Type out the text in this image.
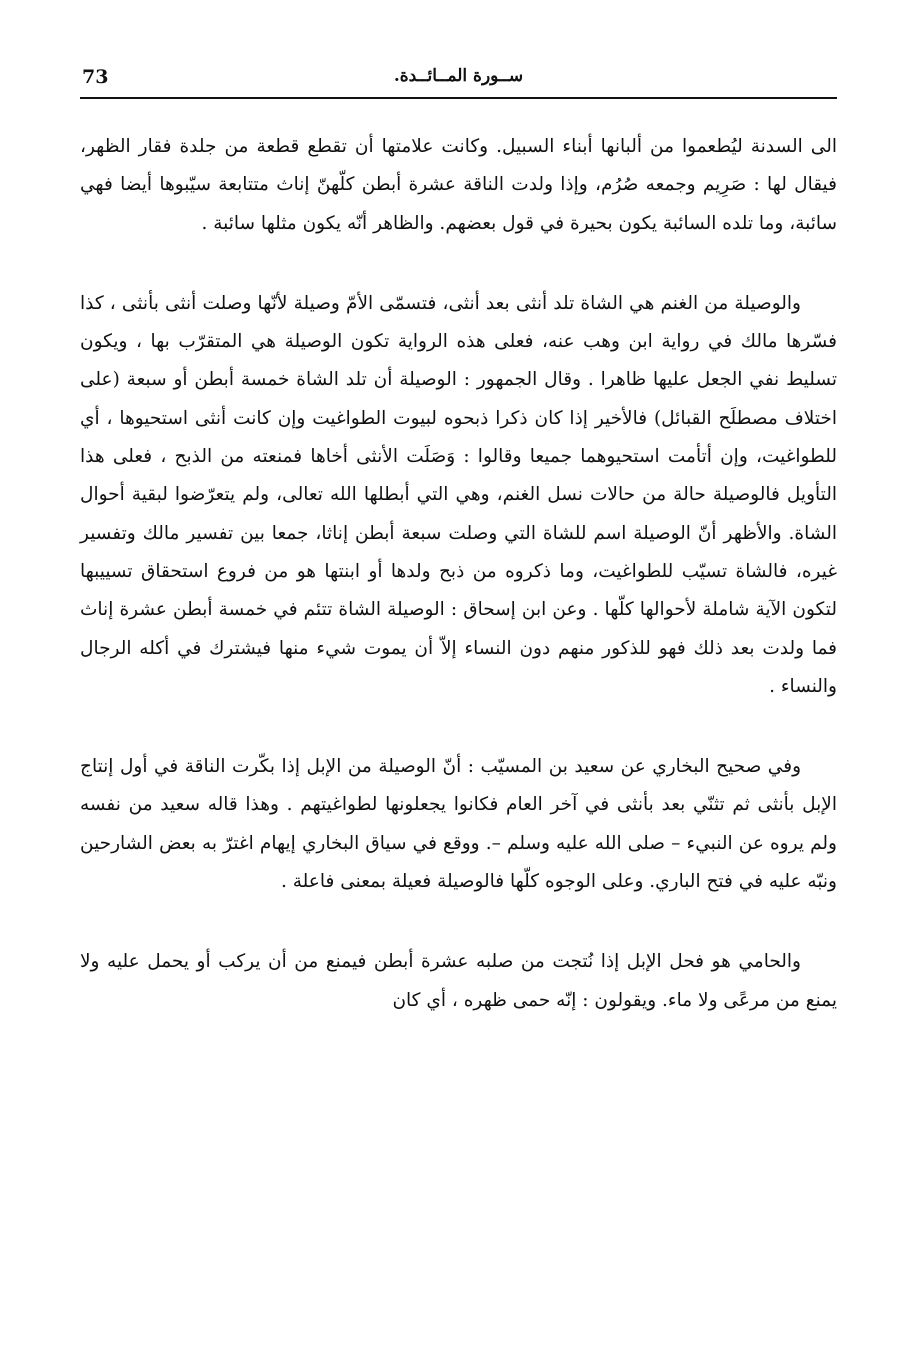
73	ســورة المــائــدة.

الى السدنة ليُطعموا من ألبانها أبناء السبيل. وكانت علامتها أن تقطع قطعة من جلدة فقار الظهر، فيقال لها : صَرِيم وجمعه صُرُم، وإذا ولدت الناقة عشرة أبطن كلّهنّ إناث متتابعة سيّبوها أيضا فهي سائبة، وما تلده السائبة يكون بحيرة في قول بعضهم. والظاهر أنّه يكون مثلها سائبة .

والوصيلة من الغنم هي الشاة تلد أنثى بعد أنثى، فتسمّى الأمّ وصيلة لأنّها وصلت أنثى بأنثى ، كذا فسّرها مالك في رواية ابن وهب عنه، فعلى هذه الرواية تكون الوصيلة هي المتقرّب بها ، ويكون تسليط نفي الجعل عليها ظاهرا . وقال الجمهور : الوصيلة أن تلد الشاة خمسة أبطن أو سبعة (على اختلاف مصطلَح القبائل) فالأخير إذا كان ذكرا ذبحوه لبيوت الطواغيت وإن كانت أنثى استحيوها ، أي للطواغيت، وإن أتأمت استحيوهما جميعا وقالوا : وَصَلَت الأنثى أخاها فمنعته من الذبح ، فعلى هذا التأويل فالوصيلة حالة من حالات نسل الغنم، وهي التي أبطلها الله تعالى، ولم يتعرّضوا لبقية أحوال الشاة. والأظهر أنّ الوصيلة اسم للشاة التي وصلت سبعة أبطن إناثا، جمعا بين تفسير مالك وتفسير غيره، فالشاة تسيّب للطواغيت، وما ذكروه من ذبح ولدها أو ابنتها هو من فروع استحقاق تسييبها لتكون الآية شاملة لأحوالها كلّها . وعن ابن إسحاق : الوصيلة الشاة تتئم في خمسة أبطن عشرة إناث فما ولدت بعد ذلك فهو للذكور منهم دون النساء إلاّ أن يموت شيء منها فيشترك في أكله الرجال والنساء .

وفي صحيح البخاري عن سعيد بن المسيّب : أنّ الوصيلة من الإبل إذا بكّرت الناقة في أول إنتاج الإبل بأنثى ثم تثنّي بعد بأنثى في آخر العام فكانوا يجعلونها لطواغيتهم . وهذا قاله سعيد من نفسه ولم يروه عن النبيء – صلى الله عليه وسلم –. ووقع في سياق البخاري إيهام اغترّ به بعض الشارحين ونبّه عليه في فتح الباري. وعلى الوجوه كلّها فالوصيلة فعيلة بمعنى فاعلة .

والحامي هو فحل الإبل إذا نُتجت من صلبه عشرة أبطن فيمنع من أن يركب أو يحمل عليه ولا يمنع من مرعًى ولا ماء. ويقولون : إنّه حمى ظهره ، أي كان
